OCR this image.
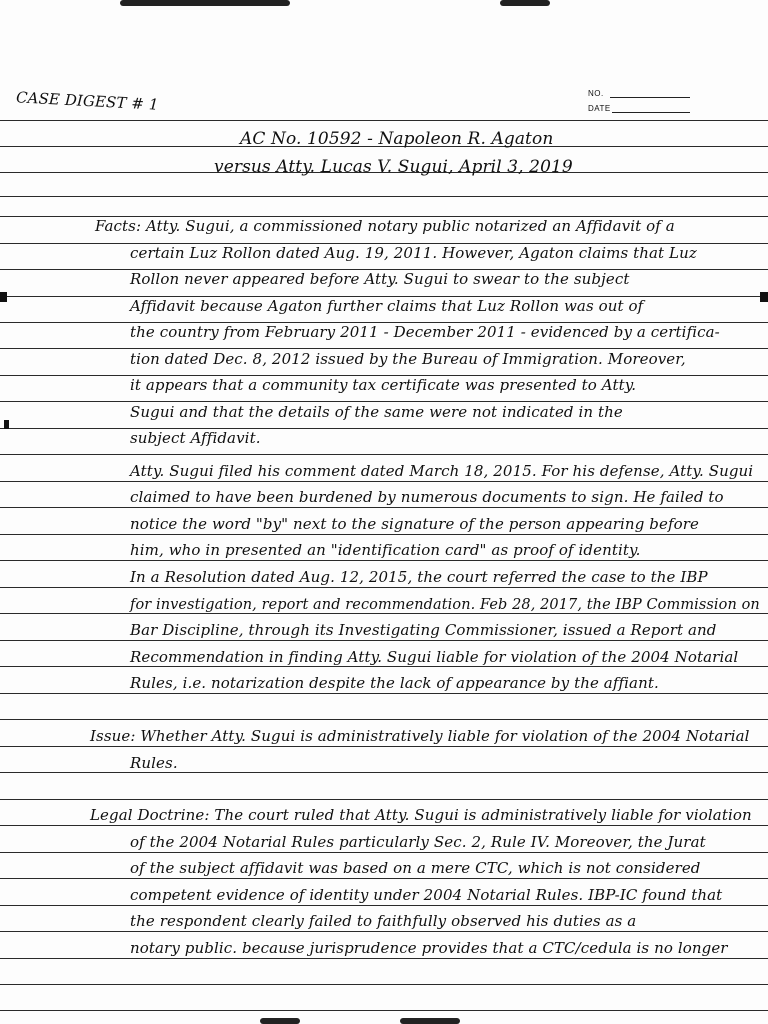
CASE DIGEST # 1	NO.
DATE
AC No. 10592 - Napoleon R. Agaton
versus Atty. Lucas V. Sugui, April 3, 2019
Facts: Atty. Sugui, a commissioned notary public notarized an Affidavit of a
certain Luz Rollon dated Aug. 19, 2011. However, Agaton claims that Luz
Rollon never appeared before Atty. Sugui to swear to the subject
Affidavit because Agaton further claims that Luz Rollon was out of
the country from February 2011 - December 2011 - evidenced by a certifica-
tion dated Dec. 8, 2012 issued by the Bureau of Immigration. Moreover,
it appears that a community tax certificate was presented to Atty.
Sugui and that the details of the same were not indicated in the
subject Affidavit.
Atty. Sugui filed his comment dated March 18, 2015. For his defense, Atty. Sugui
claimed to have been burdened by numerous documents to sign. He failed to
notice the word "by" next to the signature of the person appearing before
him, who in presented an "identification card" as proof of identity.
In a Resolution dated Aug. 12, 2015, the court referred the case to the IBP
for investigation, report and recommendation. Feb 28, 2017, the IBP Commission on
Bar Discipline, through its Investigating Commissioner, issued a Report and
Recommendation in finding Atty. Sugui liable for violation of the 2004 Notarial
Rules, i.e. notarization despite the lack of appearance by the affiant.
Issue: Whether Atty. Sugui is administratively liable for violation of the 2004 Notarial
Rules.
Legal Doctrine: The court ruled that Atty. Sugui is administratively liable for violation
of the 2004 Notarial Rules particularly Sec. 2, Rule IV. Moreover, the Jurat
of the subject affidavit was based on a mere CTC, which is not considered
competent evidence of identity under 2004 Notarial Rules. IBP-IC found that
the respondent clearly failed to faithfully observed his duties as a
notary public. because jurisprudence provides that a CTC/cedula is no longer
